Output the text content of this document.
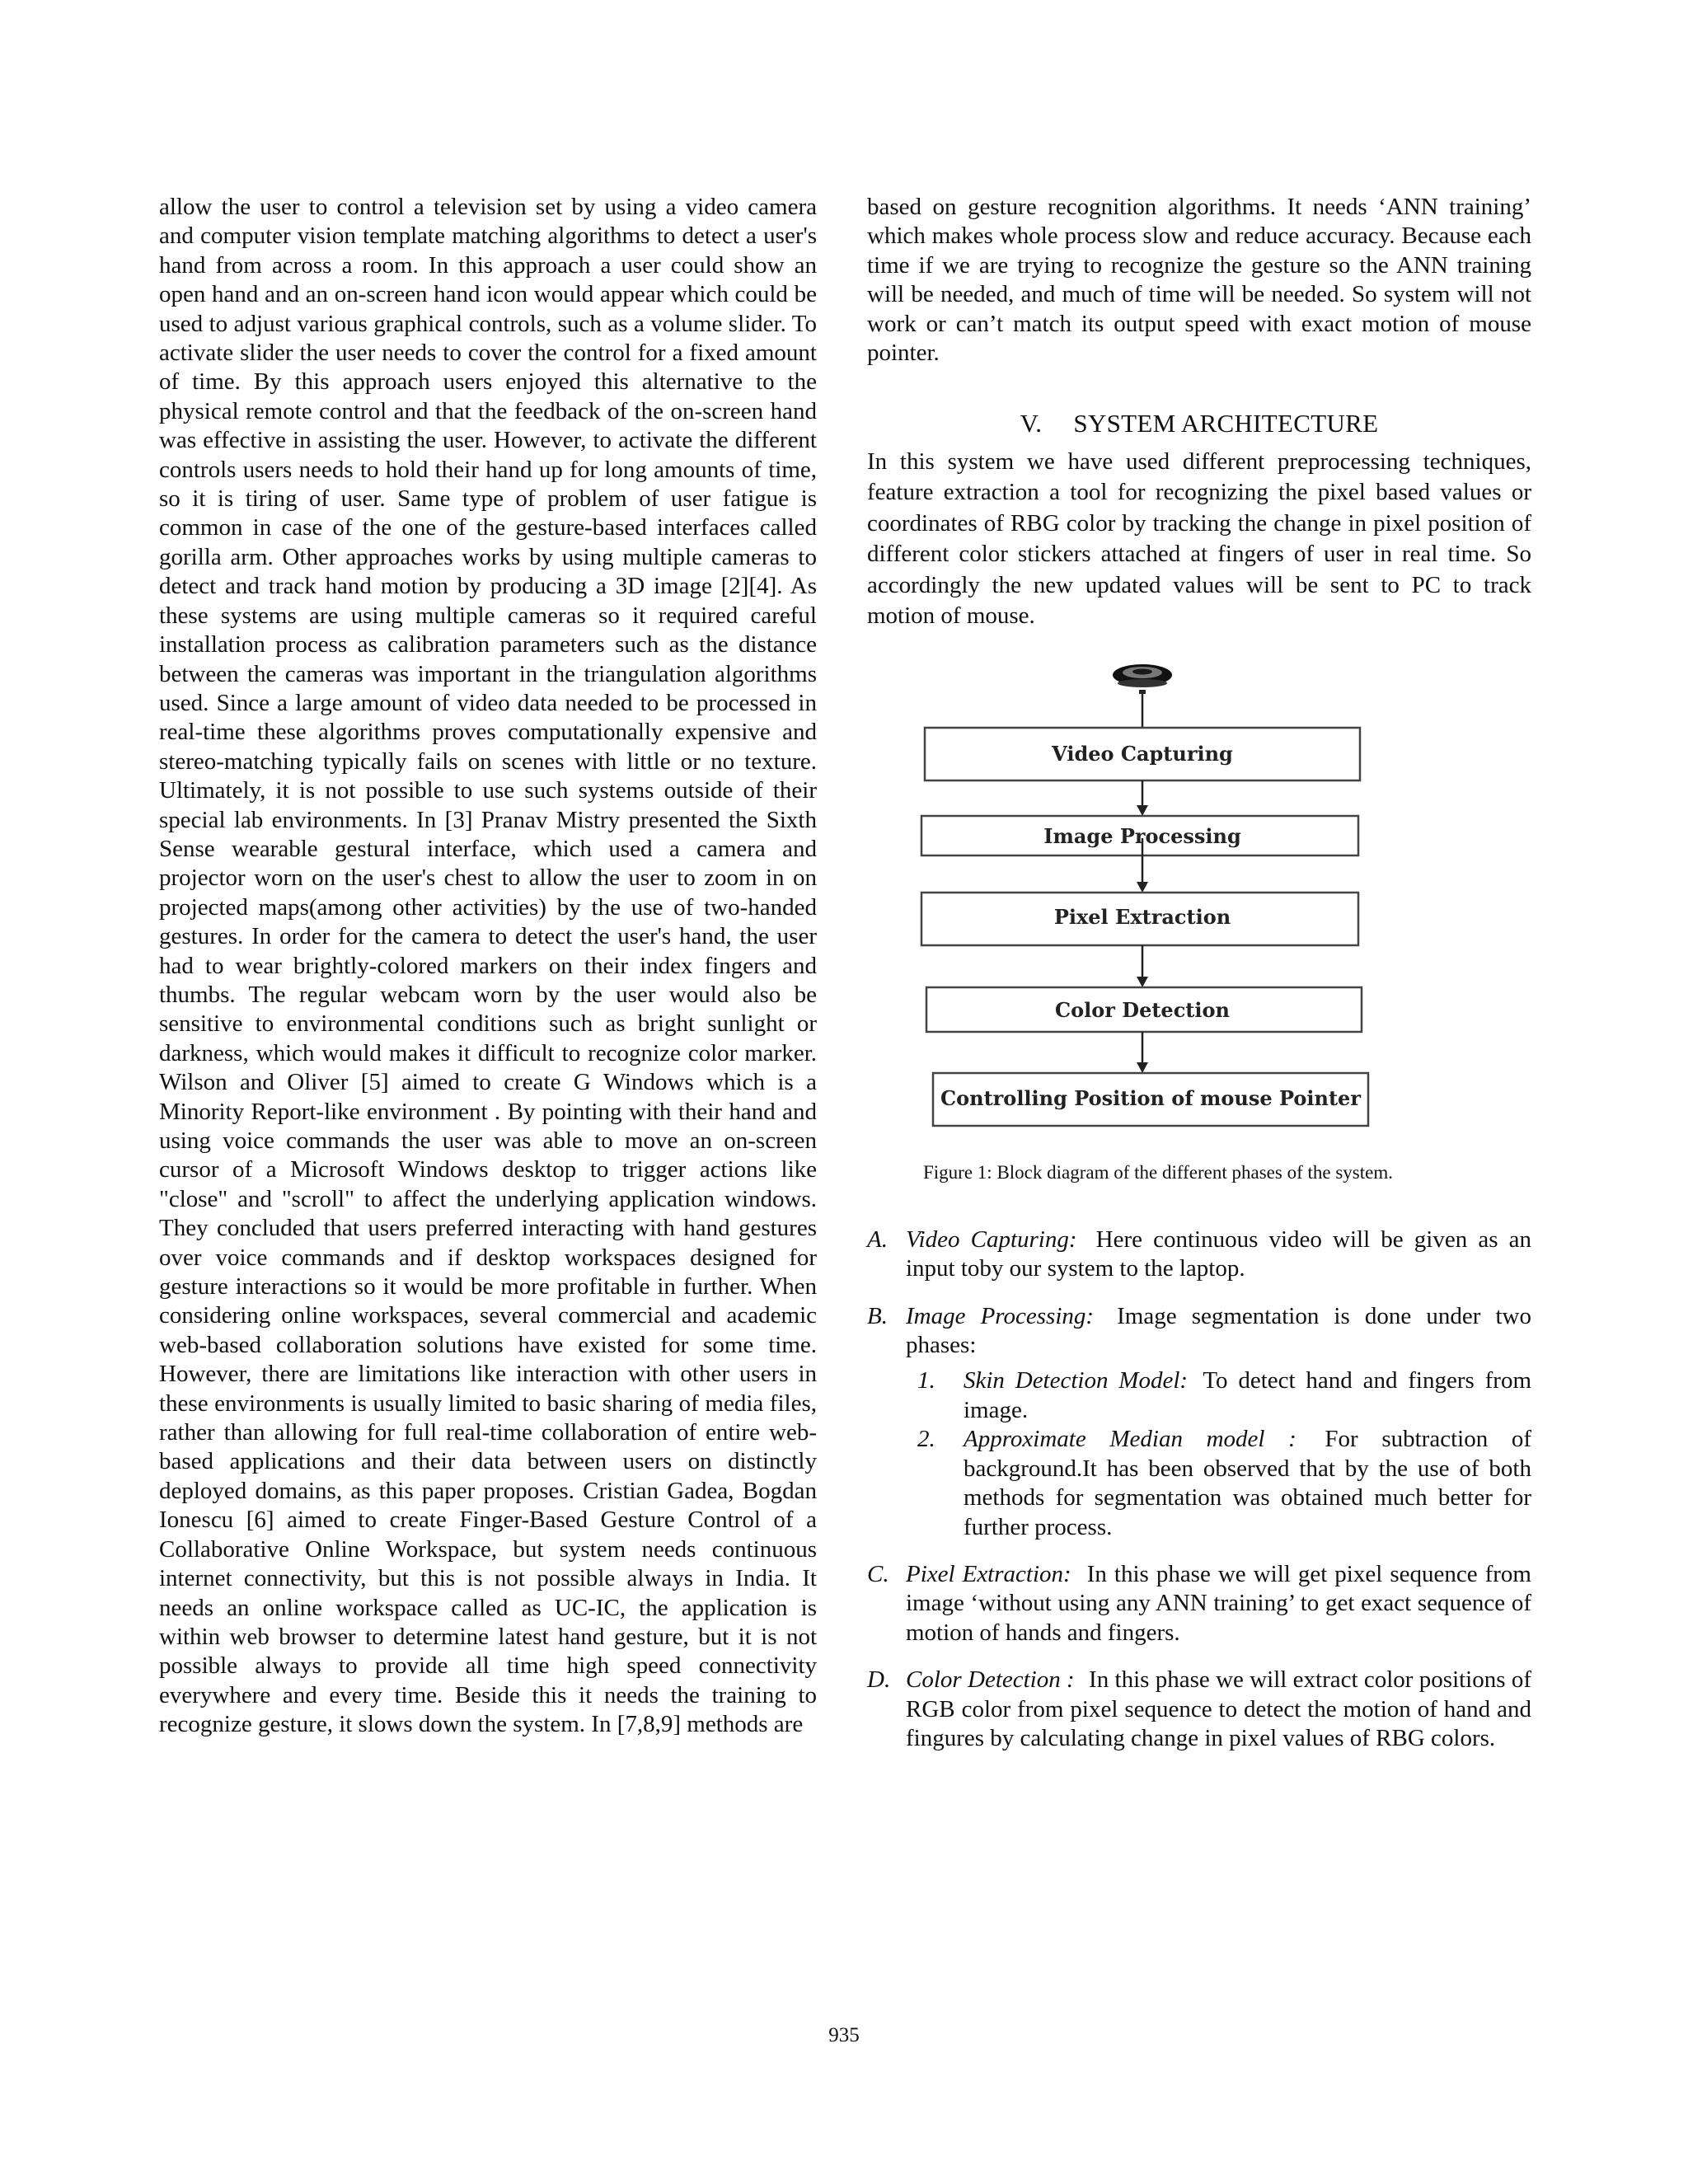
allow the user to control a television set by using a video camera and computer vision template matching algorithms to detect a user's hand from across a room. In this approach a user could show an open hand and an on-screen hand icon would appear which could be used to adjust various graphical controls, such as a volume slider. To activate slider the user needs to cover the control for a fixed amount of time. By this approach users enjoyed this alternative to the physical remote control and that the feedback of the on-screen hand was effective in assisting the user. However, to activate the different controls users needs to hold their hand up for long amounts of time, so it is tiring of user. Same type of problem of user fatigue is common in case of the one of the gesture-based interfaces called gorilla arm. Other approaches works by using multiple cameras to detect and track hand motion by producing a 3D image [2][4]. As these systems are using multiple cameras so it required careful installation process as calibration parameters such as the distance between the cameras was important in the triangulation algorithms used. Since a large amount of video data needed to be processed in real-time these algorithms proves computationally expensive and stereo-matching typically fails on scenes with little or no texture. Ultimately, it is not possible to use such systems outside of their special lab environments. In [3] Pranav Mistry presented the Sixth Sense wearable gestural interface, which used a camera and projector worn on the user's chest to allow the user to zoom in on projected maps(among other activities) by the use of two-handed gestures. In order for the camera to detect the user's hand, the user had to wear brightly-colored markers on their index fingers and thumbs. The regular webcam worn by the user would also be sensitive to environmental conditions such as bright sunlight or darkness, which would makes it difficult to recognize color marker. Wilson and Oliver [5] aimed to create G Windows which is a Minority Report-like environment . By pointing with their hand and using voice commands the user was able to move an on-screen cursor of a Microsoft Windows desktop to trigger actions like "close" and "scroll" to affect the underlying application windows. They concluded that users preferred interacting with hand gestures over voice commands and if desktop workspaces designed for gesture interactions so it would be more profitable in further. When considering online workspaces, several commercial and academic web-based collaboration solutions have existed for some time. However, there are limitations like interaction with other users in these environments is usually limited to basic sharing of media files, rather than allowing for full real-time collaboration of entire web-based applications and their data between users on distinctly deployed domains, as this paper proposes. Cristian Gadea, Bogdan Ionescu [6] aimed to create Finger-Based Gesture Control of a Collaborative Online Workspace, but system needs continuous internet connectivity, but this is not possible always in India. It needs an online workspace called as UC-IC, the application is within web browser to determine latest hand gesture, but it is not possible always to provide all time high speed connectivity everywhere and every time. Beside this it needs the training to recognize gesture, it slows down the system. In [7,8,9] methods are

based on gesture recognition algorithms. It needs ‘ANN training’ which makes whole process slow and reduce accuracy. Because each time if we are trying to recognize the gesture so the ANN training will be needed, and much of time will be needed. So system will not work or can’t match its output speed with exact motion of mouse pointer.

V. SYSTEM ARCHITECTURE

In this system we have used different preprocessing techniques, feature extraction a tool for recognizing the pixel based values or coordinates of RBG color by tracking the change in pixel position of different color stickers attached at fingers of user in real time. So accordingly the new updated values will be sent to PC to track motion of mouse.

Video Capturing
Image Processing
Pixel Extraction
Color Detection
Controlling Position of mouse Pointer
Figure 1: Block diagram of the different phases of the system.
A. Video Capturing: Here continuous video will be given as an input toby our system to the laptop.
B. Image Processing: Image segmentation is done under two phases:
1. Skin Detection Model: To detect hand and fingers from image.
2. Approximate Median model : For subtraction of background.It has been observed that by the use of both methods for segmentation was obtained much better for further process.
C. Pixel Extraction: In this phase we will get pixel sequence from image ‘without using any ANN training’ to get exact sequence of motion of hands and fingers.
D. Color Detection : In this phase we will extract color positions of RGB color from pixel sequence to detect the motion of hand and fingures by calculating change in pixel values of RBG colors.
935
